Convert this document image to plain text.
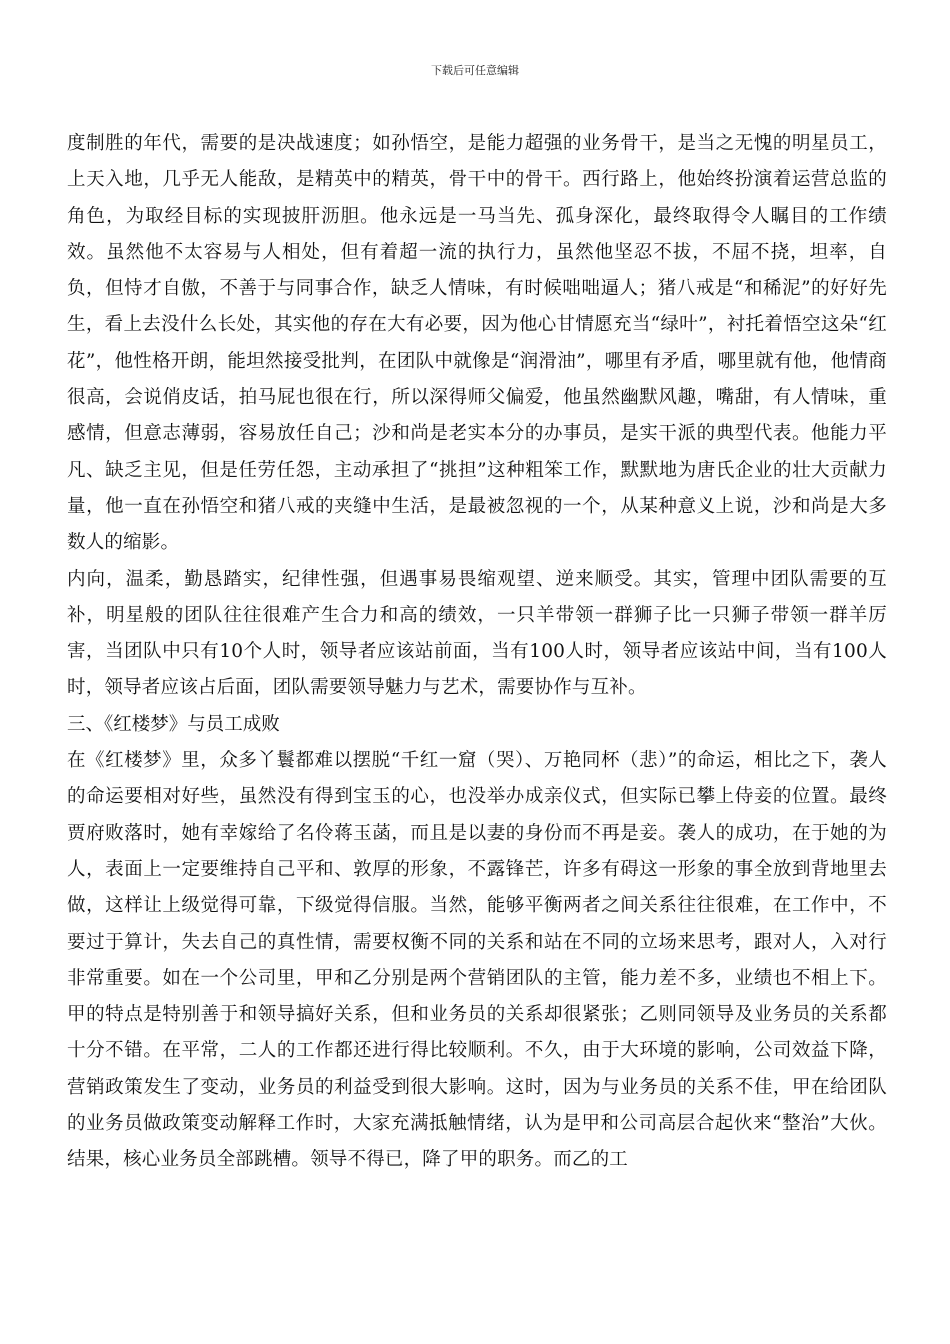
下载后可任意编辑

度制胜的年代，需要的是决战速度；如孙悟空，是能力超强的业务骨干，是当之无愧的明星员工，上天入地，几乎无人能敌，是精英中的精英，骨干中的骨干。西行路上，他始终扮演着运营总监的角色，为取经目标的实现披肝沥胆。他永远是一马当先、孤身深化，最终取得令人瞩目的工作绩效。虽然他不太容易与人相处，但有着超一流的执行力，虽然他坚忍不拔，不屈不挠，坦率，自负，但恃才自傲，不善于与同事合作，缺乏人情味，有时候咄咄逼人；猪八戒是“和稀泥”的好好先生，看上去没什么长处，其实他的存在大有必要，因为他心甘情愿充当“绿叶”，衬托着悟空这朵“红花”，他性格开朗，能坦然接受批判，在团队中就像是“润滑油”，哪里有矛盾，哪里就有他，他情商很高，会说俏皮话，拍马屁也很在行，所以深得师父偏爱，他虽然幽默风趣，嘴甜，有人情味，重感情，但意志薄弱，容易放任自己；沙和尚是老实本分的办事员，是实干派的典型代表。他能力平凡、缺乏主见，但是任劳任怨，主动承担了“挑担”这种粗笨工作，默默地为唐氏企业的壮大贡献力量，他一直在孙悟空和猪八戒的夹缝中生活，是最被忽视的一个，从某种意义上说，沙和尚是大多数人的缩影。

内向，温柔，勤恳踏实，纪律性强，但遇事易畏缩观望、逆来顺受。其实，管理中团队需要的互补，明星般的团队往往很难产生合力和高的绩效，一只羊带领一群狮子比一只狮子带领一群羊厉害，当团队中只有10个人时，领导者应该站前面，当有100人时，领导者应该站中间，当有100人时，领导者应该占后面，团队需要领导魅力与艺术，需要协作与互补。

三、《红楼梦》与员工成败

在《红楼梦》里，众多丫鬟都难以摆脱“千红一窟（哭）、万艳同杯（悲）”的命运，相比之下，袭人的命运要相对好些，虽然没有得到宝玉的心，也没举办成亲仪式，但实际已攀上侍妾的位置。最终贾府败落时，她有幸嫁给了名伶蒋玉菡，而且是以妻的身份而不再是妾。袭人的成功，在于她的为人，表面上一定要维持自己平和、敦厚的形象，不露锋芒，许多有碍这一形象的事全放到背地里去做，这样让上级觉得可靠，下级觉得信服。当然，能够平衡两者之间关系往往很难，在工作中，不要过于算计，失去自己的真性情，需要权衡不同的关系和站在不同的立场来思考，跟对人，入对行非常重要。如在一个公司里，甲和乙分别是两个营销团队的主管，能力差不多，业绩也不相上下。甲的特点是特别善于和领导搞好关系，但和业务员的关系却很紧张；乙则同领导及业务员的关系都十分不错。在平常，二人的工作都还进行得比较顺利。不久，由于大环境的影响，公司效益下降，营销政策发生了变动，业务员的利益受到很大影响。这时，因为与业务员的关系不佳，甲在给团队的业务员做政策变动解释工作时，大家充满抵触情绪，认为是甲和公司高层合起伙来“整治”大伙。结果，核心业务员全部跳槽。领导不得已，降了甲的职务。而乙的工
